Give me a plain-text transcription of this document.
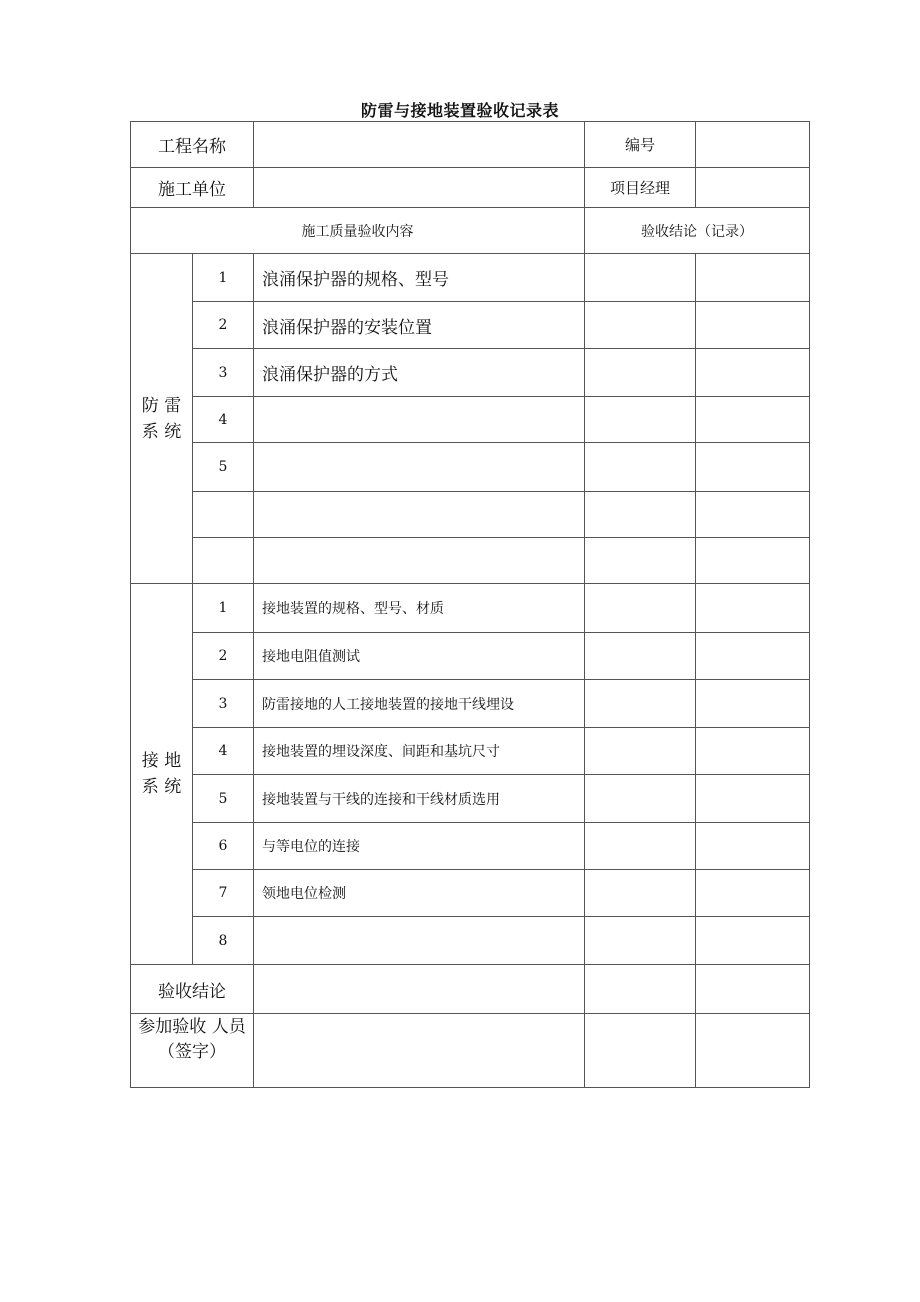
防雷与接地装置验收记录表
工程名称			编号	
施工单位			项目经理	
施工质量验收内容			验收结论（记录）	

防 雷
系 统	1	浪涌保护器的规格、型号		
	2	浪涌保护器的安装位置		
	3	浪涌保护器的方式		
	4			
	5			

接 地
系 统	1	接地装置的规格、型号、材质		
	2	接地电阻值测试		
	3	防雷接地的人工接地装置的接地干线埋设		
	4	接地装置的埋设深度、间距和基坑尺寸		
	5	接地装置与干线的连接和干线材质选用		
	6	与等电位的连接		
	7	领地电位检测		
	8			
验收结论				

参加验收 人员
（签字）				
